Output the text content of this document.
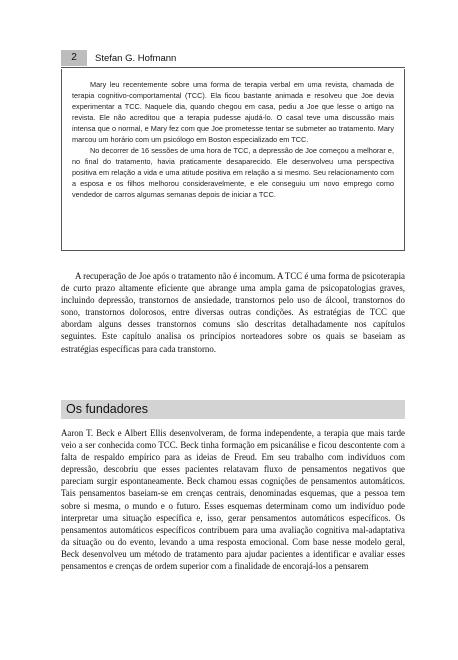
2	Stefan G. Hofmann

Mary leu recentemente sobre uma forma de terapia verbal em uma revista, chamada de terapia cognitivo-comportamental (TCC). Ela ficou bastante animada e resolveu que Joe devia experimentar a TCC. Naquele dia, quando chegou em casa, pediu a Joe que lesse o artigo na revista. Ele não acreditou que a terapia pudesse ajudá-lo. O casal teve uma discussão mais intensa que o normal, e Mary fez com que Joe prometesse tentar se submeter ao tratamento. Mary marcou um horário com um psicólogo em Boston especializado em TCC.

No decorrer de 16 sessões de uma hora de TCC, a depressão de Joe começou a melhorar e, no final do tratamento, havia praticamente desaparecido. Ele desenvolveu uma perspectiva positiva em relação a vida e uma atitude positiva em relação a si mesmo. Seu relacionamento com a esposa e os filhos melhorou consideravelmente, e ele conseguiu um novo emprego como vendedor de carros algumas semanas depois de iniciar a TCC.

A recuperação de Joe após o tratamento não é incomum. A TCC é uma forma de psicoterapia de curto prazo altamente eficiente que abrange uma ampla gama de psicopatologias graves, incluindo depressão, transtornos de ansiedade, transtornos pelo uso de álcool, transtornos do sono, transtornos dolorosos, entre diversas outras condições. As estratégias de TCC que abordam alguns desses transtornos comuns são descritas detalhadamente nos capítulos seguintes. Este capítulo analisa os princípios norteadores sobre os quais se baseiam as estratégias específicas para cada transtorno.

Os fundadores

Aaron T. Beck e Albert Ellis desenvolveram, de forma independente, a terapia que mais tarde veio a ser conhecida como TCC. Beck tinha formação em psicanálise e ficou descontente com a falta de respaldo empírico para as ideias de Freud. Em seu trabalho com indivíduos com depressão, descobriu que esses pacientes relatavam fluxo de pensamentos negativos que pareciam surgir espontaneamente. Beck chamou essas cognições de pensamentos automáticos. Tais pensamentos baseiam-se em crenças centrais, denominadas esquemas, que a pessoa tem sobre si mesma, o mundo e o futuro. Esses esquemas determinam como um indivíduo pode interpretar uma situação específica e, isso, gerar pensamentos automáticos específicos. Os pensamentos automáticos específicos contribuem para uma avaliação cognitiva mal-adaptativa da situação ou do evento, levando a uma resposta emocional. Com base nesse modelo geral, Beck desenvolveu um método de tratamento para ajudar pacientes a identificar e avaliar esses pensamentos e crenças de ordem superior com a finalidade de encorajá-los a pensarem
